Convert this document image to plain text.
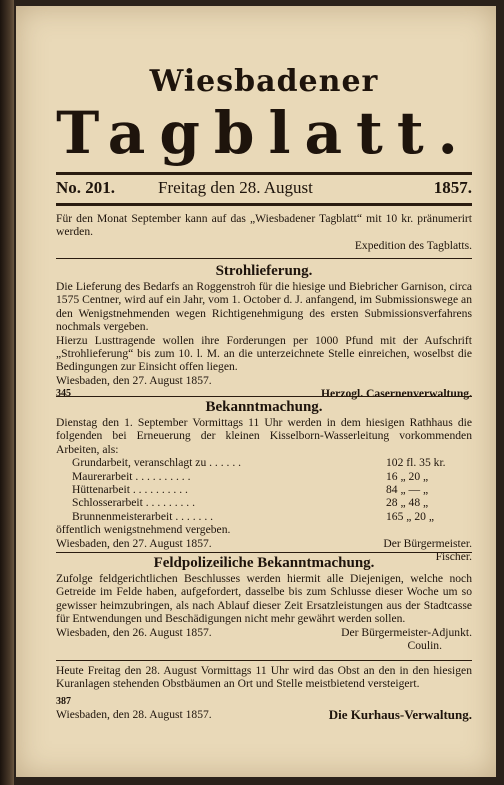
Wiesbadener
Tagblatt.
No. 201.	Freitag den 28. August	1857.

Für den Monat September kann auf das „Wiesbadener Tagblatt“ mit 10 kr. pränumerirt werden.

Expedition des Tagblatts.
Strohlieferung.

Die Lieferung des Bedarfs an Roggenstroh für die hiesige und Biebricher Garnison, circa 1575 Centner, wird auf ein Jahr, vom 1. October d. J. anfangend, im Submissionswege an den Wenigstnehmenden wegen Richtigenehmigung des ersten Submissionsverfahrens nochmals vergeben.

Hierzu Lusttragende wollen ihre Forderungen per 1000 Pfund mit der Aufschrift „Strohlieferung“ bis zum 10. l. M. an die unterzeichnete Stelle einreichen, woselbst die Bedingungen zur Einsicht offen liegen.

Wiesbaden, den 27. August 1857.
345	Herzogl. Casernenverwaltung.
Bekanntmachung.

Dienstag den 1. September Vormittags 11 Uhr werden in dem hiesigen Rathhaus die folgenden bei Erneuerung der kleinen Kisselborn-Wasserleitung vorkommenden Arbeiten, als:

Grundarbeit, veranschlagt zu . . . . . .	102 fl. 35 kr.
Maurerarbeit . . . . . . . . . .	16 „ 20 „
Hüttenarbeit . . . . . . . . . .	84 „ — „
Schlosserarbeit . . . . . . . . .	28 „ 48 „
Brunnenmeisterarbeit . . . . . . .	165 „ 20 „
öffentlich wenigstnehmend vergeben.
Wiesbaden, den 27. August 1857.	Der Bürgermeister.
Fischer.
Feldpolizeiliche Bekanntmachung.

Zufolge feldgerichtlichen Beschlusses werden hiermit alle Diejenigen, welche noch Getreide im Felde haben, aufgefordert, dasselbe bis zum Schlusse dieser Woche um so gewisser heimzubringen, als nach Ablauf dieser Zeit Ersatzleistungen aus der Stadtcasse für Entwendungen und Beschädigungen nicht mehr gewährt werden sollen.

Wiesbaden, den 26. August 1857.	Der Bürgermeister-Adjunkt.
Coulin.

Heute Freitag den 28. August Vormittags 11 Uhr wird das Obst an den in den hiesigen Kuranlagen stehenden Obstbäumen an Ort und Stelle meistbietend versteigert.

387
Wiesbaden, den 28. August 1857.	Die Kurhaus-Verwaltung.
